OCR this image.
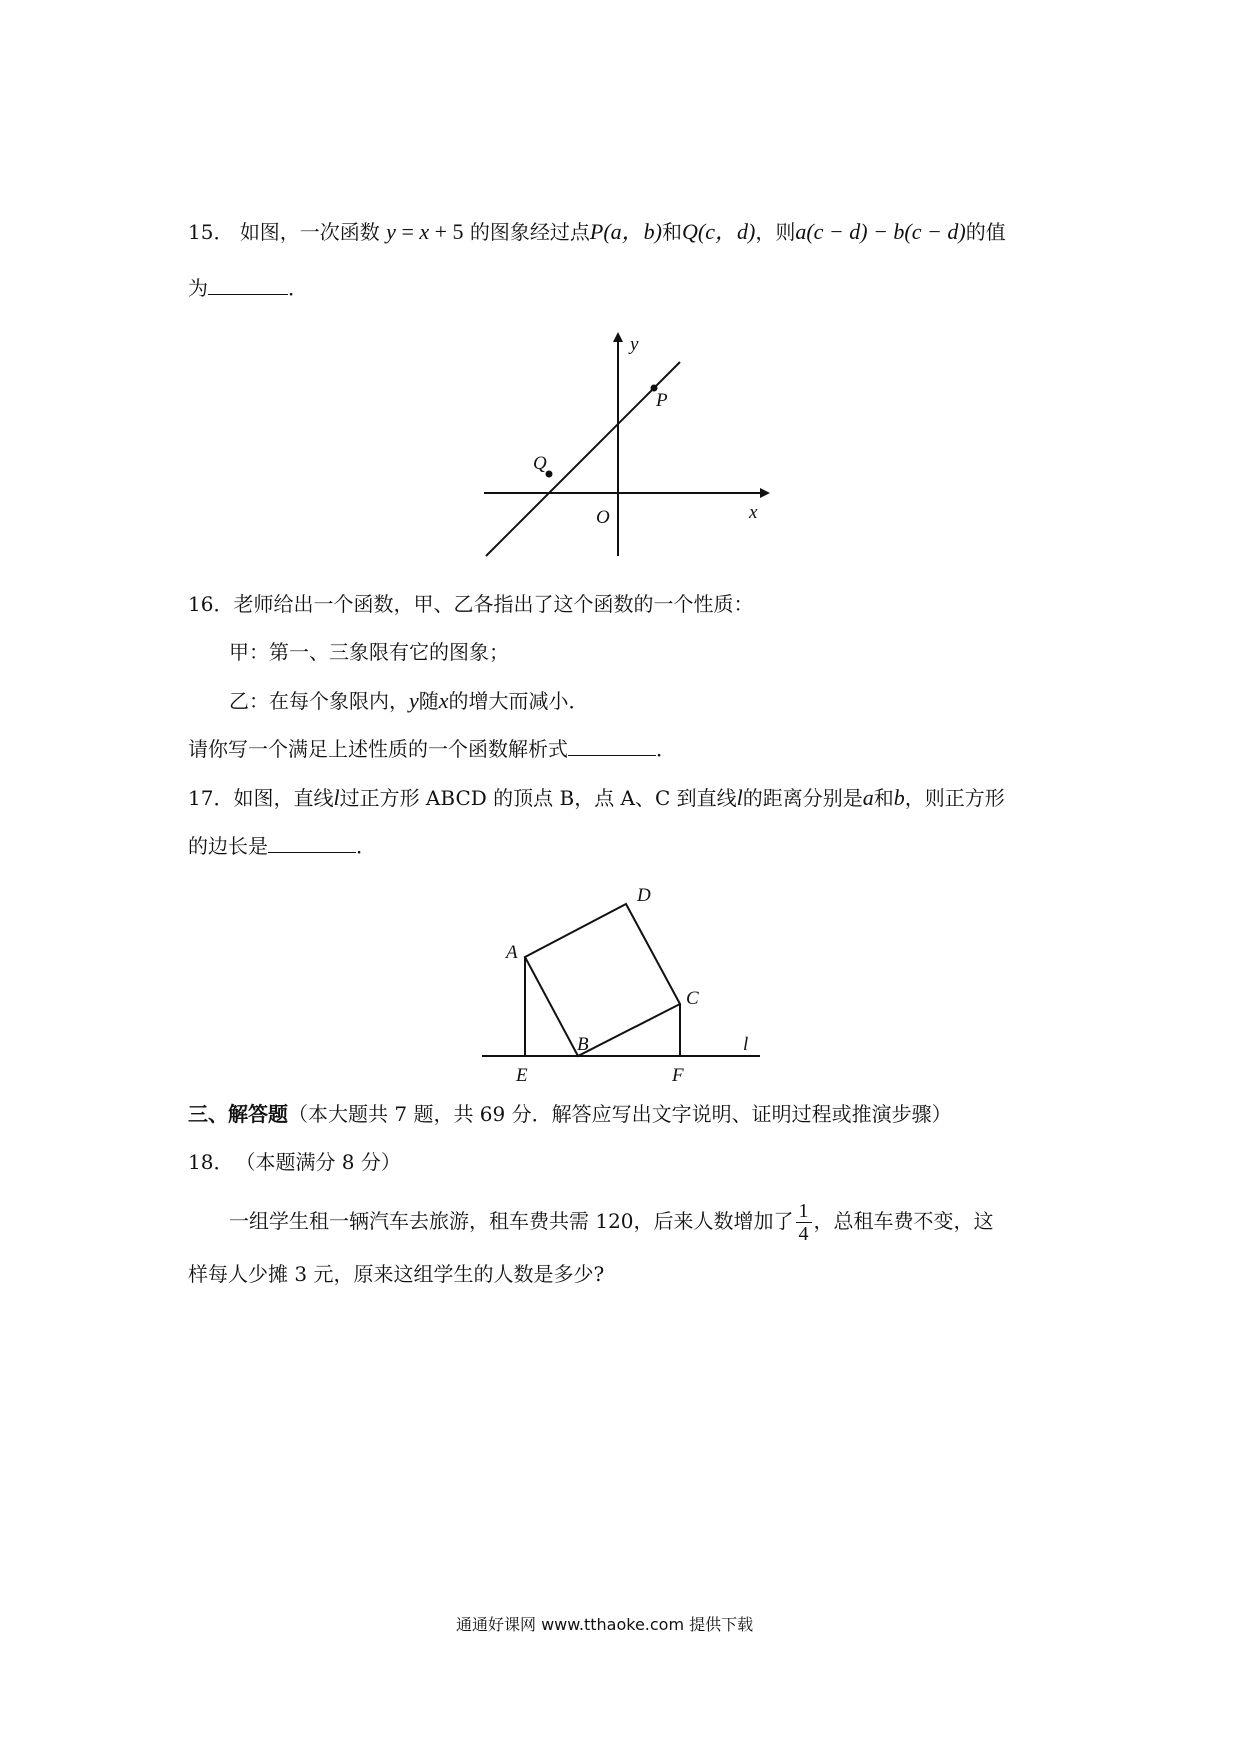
15． 如图，一次函数 y = x + 5 的图象经过点P(a，b)和Q(c，d)，则a(c − d) − b(c − d)的值
为	．
y
x
O
P
Q
16．老师给出一个函数，甲、乙各指出了这个函数的一个性质：
甲：第一、三象限有它的图象；
乙：在每个象限内，y随x的增大而减小．
请你写一个满足上述性质的一个函数解析式	．
17．如图，直线l过正方形 ABCD 的顶点 B，点 A、C 到直线l的距离分别是a和b，则正方形
的边长是	．
A
D
C
B
E	F
l
三、解答题（本大题共 7 题，共 69 分．解答应写出文字说明、证明过程或推演步骤）
18． （本题满分 8 分）
一组学生租一辆汽车去旅游，租车费共需 120，后来人数增加了 $\frac{1}{4}$ ，总租车费不变，这
样每人少摊 3 元，原来这组学生的人数是多少?
通通好课网 www.tthaoke.com 提供下载
